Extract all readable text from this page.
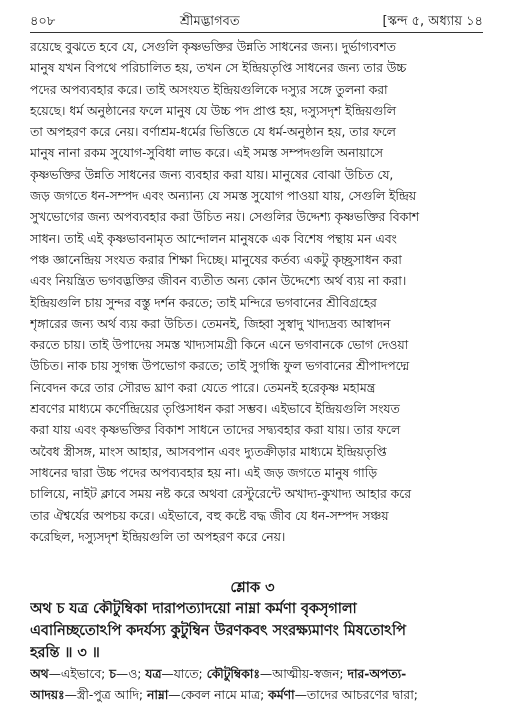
৪০৮	শ্রীমদ্ভাগবত	[স্কন্দ ৫, অধ্যায় ১৪
রয়েছে বুঝতে হবে যে, সেগুলি কৃষ্ণভক্তির উন্নতি সাধনের জন্য। দুর্ভাগ্যবশত
মানুষ যখন বিপথে পরিচালিত হয়, তখন সে ইন্দ্রিয়তৃপ্তি সাধনের জন্য তার উচ্চ
পদের অপব্যবহার করে। তাই অসংযত ইন্দ্রিয়গুলিকে দস্যুর সঙ্গে তুলনা করা
হয়েছে। ধর্ম অনুষ্ঠানের ফলে মানুষ যে উচ্চ পদ প্রাপ্ত হয়, দস্যুসদৃশ ইন্দ্রিয়গুলি
তা অপহরণ করে নেয়। বর্ণাশ্রম-ধর্মের ভিত্তিতে যে ধর্ম-অনুষ্ঠান হয়, তার ফলে
মানুষ নানা রকম সুযোগ-সুবিধা লাভ করে। এই সমস্ত সম্পদগুলি অনায়াসে
কৃষ্ণভক্তির উন্নতি সাধনের জন্য ব্যবহার করা যায়। মানুষের বোঝা উচিত যে,
জড় জগতে ধন-সম্পদ এবং অন্যান্য যে সমস্ত সুযোগ পাওয়া যায়, সেগুলি ইন্দ্রিয়
সুখভোগের জন্য অপব্যবহার করা উচিত নয়। সেগুলির উদ্দেশ্য কৃষ্ণভক্তির বিকাশ
সাধন। তাই এই কৃষ্ণভাবনামৃত আন্দোলন মানুষকে এক বিশেষ পন্থায় মন এবং
পঞ্চ জ্ঞানেন্দ্রিয় সংযত করার শিক্ষা দিচ্ছে। মানুষের কর্তব্য একটু কৃচ্ছ্রসাধন করা
এবং নিয়ন্ত্রিত ভগবদ্ভক্তির জীবন ব্যতীত অন্য কোন উদ্দেশ্যে অর্থ ব্যয় না করা।
ইন্দ্রিয়গুলি চায় সুন্দর বস্তু দর্শন করতে; তাই মন্দিরে ভগবানের শ্রীবিগ্রহের
শৃঙ্গারের জন্য অর্থ ব্যয় করা উচিত। তেমনই, জিহ্বা সুস্বাদু খাদ্যদ্রব্য আস্বাদন
করতে চায়। তাই উপাদেয় সমস্ত খাদ্যসামগ্রী কিনে এনে ভগবানকে ভোগ দেওয়া
উচিত। নাক চায় সুগন্ধ উপভোগ করতে; তাই সুগন্ধি ফুল ভগবানের শ্রীপাদপদ্মে
নিবেদন করে তার সৌরভ ঘ্রাণ করা যেতে পারে। তেমনই হরেকৃষ্ণ মহামন্ত্র
শ্রবণের মাধ্যমে কর্ণেন্দ্রিয়ের তৃপ্তিসাধন করা সম্ভব। এইভাবে ইন্দ্রিয়গুলি সংযত
করা যায় এবং কৃষ্ণভক্তির বিকাশ সাধনে তাদের সদ্ব্যবহার করা যায়। তার ফলে
অবৈধ স্ত্রীসঙ্গ, মাংস আহার, আসবপান এবং দ্যুতক্রীড়ার মাধ্যমে ইন্দ্রিয়তৃপ্তি
সাধনের দ্বারা উচ্চ পদের অপব্যবহার হয় না। এই জড় জগতে মানুষ গাড়ি
চালিয়ে, নাইট ক্লাবে সময় নষ্ট করে অথবা রেস্টুরেন্টে অখাদ্য-কুখাদ্য আহার করে
তার ঐশ্বর্যের অপচয় করে। এইভাবে, বহু কষ্টে বদ্ধ জীব যে ধন-সম্পদ সঞ্চয়
করেছিল, দস্যুসদৃশ ইন্দ্রিয়গুলি তা অপহরণ করে নেয়।
শ্লোক ৩
অথ চ যত্র কৌটুম্বিকা দারাপত্যাদয়ো নাম্না কর্মণা বৃকসৃগালা
এবানিচ্ছতোঽপি কদর্যস্য কুটুম্বিন উরণকবৎ সংরক্ষ্যমাণং মিষতোঽপি
হরন্তি ॥ ৩ ॥
অথ—এইভাবে; চ—ও; যত্র—যাতে; কৌটুম্বিকাঃ—আত্মীয়-স্বজন; দার-অপত্য-
আদয়ঃ—স্ত্রী-পুত্র আদি; নাম্না—কেবল নামে মাত্র; কর্মণা—তাদের আচরণের দ্বারা;
